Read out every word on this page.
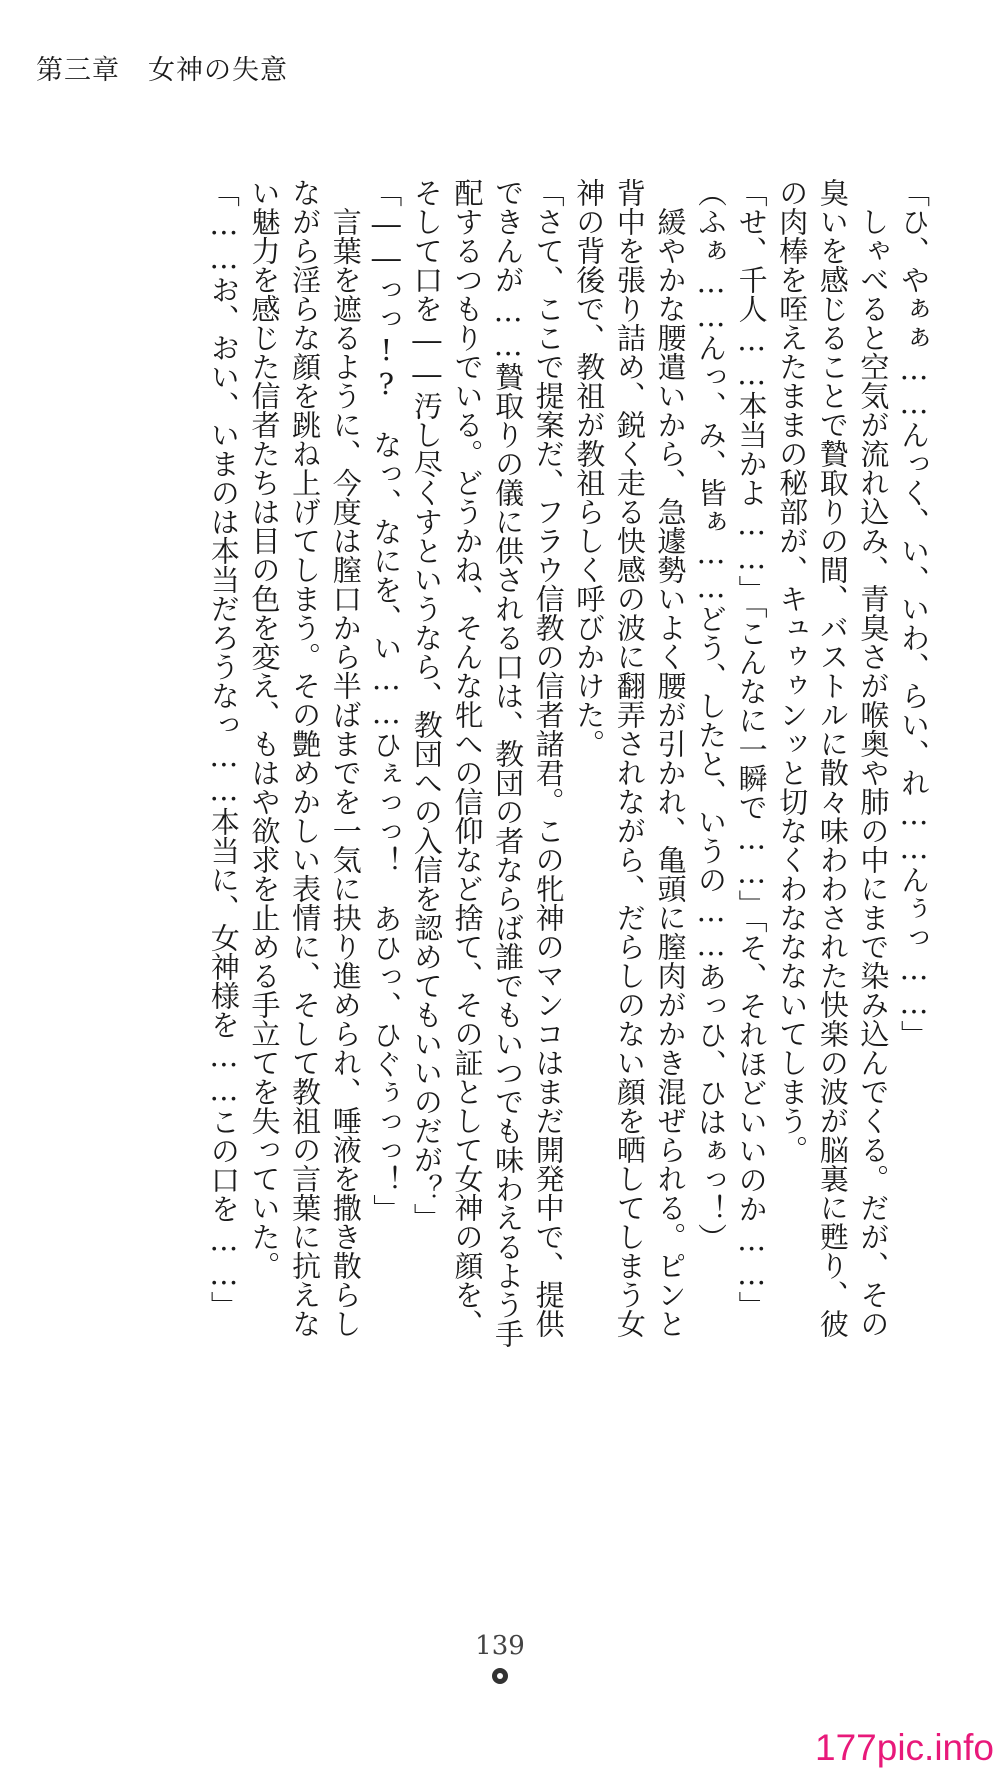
第三章 女神の失意
「ひ、やぁぁ……んっく、い、いわ、らい、れ……んぅっ……」
　しゃべると空気が流れ込み、青臭さが喉奥や肺の中にまで染み込んでくる。だが、その
臭いを感じることで贄取りの間、バストルに散々味わわされた快楽の波が脳裏に甦り、彼
の肉棒を咥えたままの秘部が、キュゥゥンッと切なくわななないてしまう。
「せ、千人……本当かよ……」「こんなに一瞬で……」「そ、それほどいいのか……」
（ふぁ……んっ、み、皆ぁ……どう、したと、いうの……あっひ、ひはぁっ！）
　緩やかな腰遣いから、急遽勢いよく腰が引かれ、亀頭に膣肉がかき混ぜられる。ピンと
背中を張り詰め、鋭く走る快感の波に翻弄されながら、だらしのない顔を晒してしまう女
神の背後で、教祖が教祖らしく呼びかけた。
「さて、ここで提案だ、フラウ信教の信者諸君。この牝神のマンコはまだ開発中で、提供
できんが……贄取りの儀に供される口は、教団の者ならば誰でもいつでも味わえるよう手
配するつもりでいる。どうかね、そんな牝への信仰など捨て、その証として女神の顔を、
そして口を――汚し尽くすというなら、教団への入信を認めてもいいのだが？」
「――っっ!?　なっ、なにを、い……ひぇっっ！　あひっ、ひぐぅっっ！」
　言葉を遮るように、今度は膣口から半ばまでを一気に抉り進められ、唾液を撒き散らし
ながら淫らな顔を跳ね上げてしまう。その艶めかしい表情に、そして教祖の言葉に抗えな
い魅力を感じた信者たちは目の色を変え、もはや欲求を止める手立てを失っていた。
「……お、おい、いまのは本当だろうなっ……本当に、女神様を……この口を……」
139
177pic.info
